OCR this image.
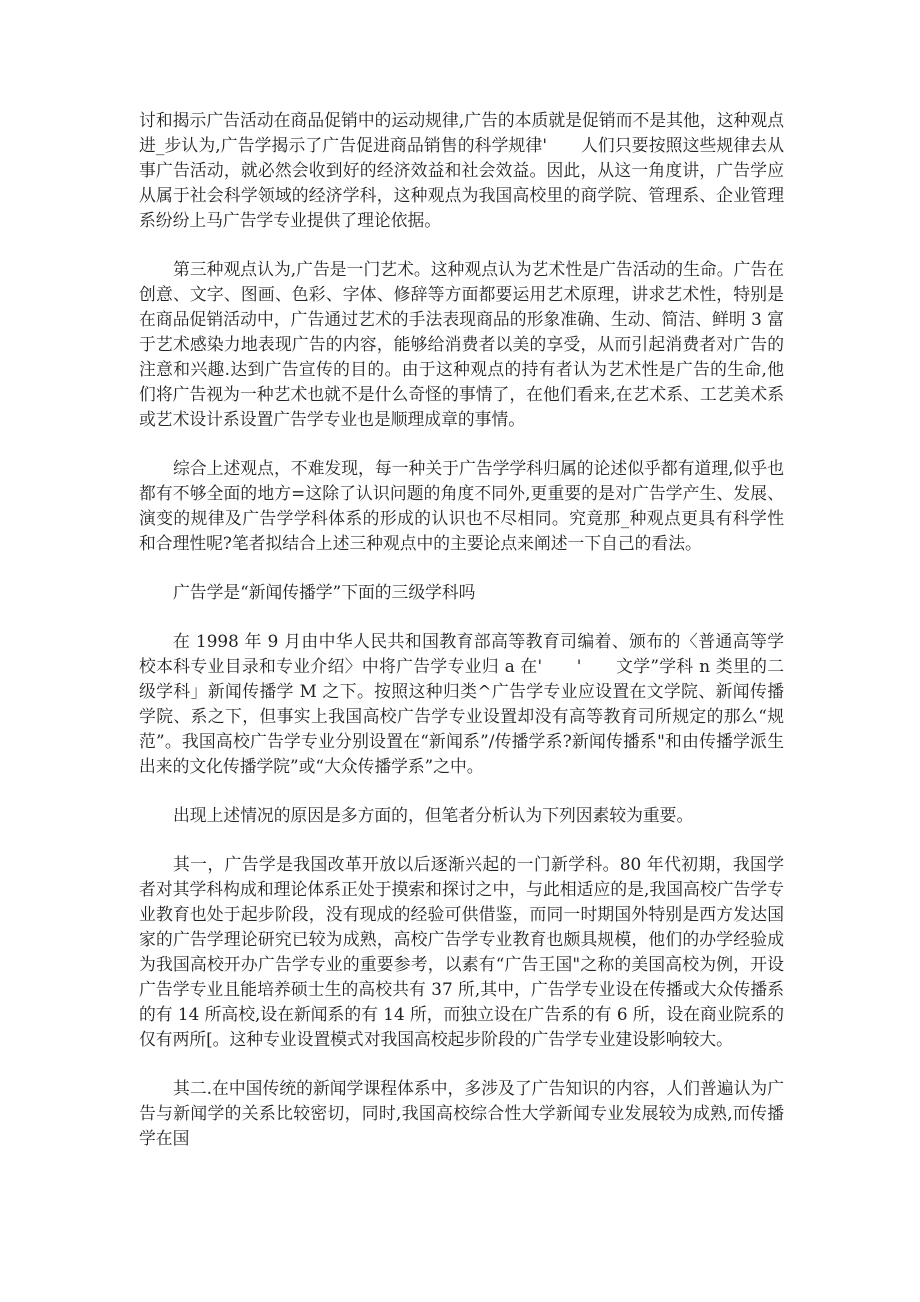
讨和揭示广告活动在商品促销中的运动规律,广告的本质就是促销而不是其他，这种观点进_步认为,广告学揭示了广告促进商品销售的科学规律'　　人们只要按照这些规律去从事广告活动，就必然会收到好的经济效益和社会效益。因此，从这一角度讲，广告学应从属于社会科学领域的经济学科，这种观点为我国高校里的商学院、管理系、企业管理系纷纷上马广告学专业提供了理论依据。

第三种观点认为,广告是一门艺术。这种观点认为艺术性是广告活动的生命。广告在创意、文字、图画、色彩、字体、修辞等方面都要运用艺术原理，讲求艺术性，特别是在商品促销活动中，广告通过艺术的手法表现商品的形象准确、生动、简洁、鲜明 3 富于艺术感染力地表现广告的内容，能够给消费者以美的享受，从而引起消费者对广告的注意和兴趣.达到广告宣传的目的。由于这种观点的持有者认为艺术性是广告的生命,他们将广告视为一种艺术也就不是什么奇怪的事情了，在他们看来,在艺术系、工艺美术系或艺术设计系设置广告学专业也是顺理成章的事情。

综合上述观点，不难发现，每一种关于广告学学科归属的论述似乎都有道理,似乎也都有不够全面的地方=这除了认识问题的角度不同外,更重要的是对广告学产生、发展、演变的规律及广告学学科体系的形成的认识也不尽相同。究竟那_种观点更具有科学性和合理性呢?笔者拟结合上述三种观点中的主要论点来阐述一下自己的看法。

广告学是“新闻传播学”下面的三级学科吗

在 1998 年 9 月由中华人民共和国教育部高等教育司编着、颁布的〈普通高等学校本科专业目录和专业介绍〉中将广告学专业归 a 在'　　'　　文学”学科 n 类里的二级学科」新闻传播学 M 之下。按照这种归类^广告学专业应设置在文学院、新闻传播学院、系之下，但事实上我国高校广告学专业设置却没有高等教育司所规定的那么“规范”。我国高校广告学专业分别设置在“新闻系”/传播学系?新闻传播系"和由传播学派生出来的文化传播学院”或“大众传播学系”之中。

出现上述情况的原因是多方面的，但笔者分析认为下列因素较为重要。

其一，广告学是我国改革开放以后逐渐兴起的一门新学科。80 年代初期，我国学者对其学科构成和理论体系正处于摸索和探讨之中，与此相适应的是,我国高校广告学专业教育也处于起步阶段，没有现成的经验可供借鉴，而同一时期国外特别是西方发达国家的广告学理论研究已较为成熟，高校广告学专业教育也颇具规模，他们的办学经验成为我国高校开办广告学专业的重要参考，以素有“广告王国"之称的美国高校为例，开设广告学专业且能培养硕士生的高校共有 37 所,其中，广告学专业设在传播或大众传播系的有 14 所高校,设在新闻系的有 14 所，而独立设在广告系的有 6 所，设在商业院系的仅有两所[。这种专业设置模式对我国高校起步阶段的广告学专业建设影响较大。

其二.在中国传统的新闻学课程体系中，多涉及了广告知识的内容，人们普遍认为广告与新闻学的关系比较密切，同时,我国高校综合性大学新闻专业发展较为成熟,而传播学在国
